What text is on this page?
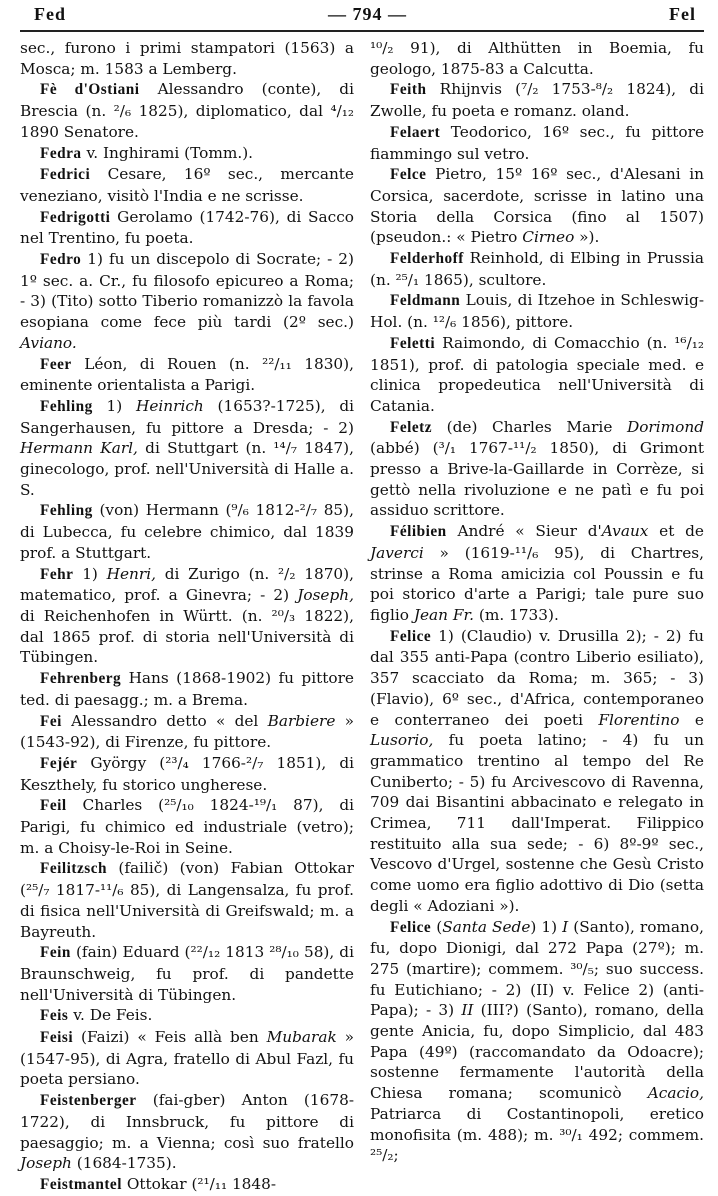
Fed	— 794 —	Fel

sec., furono i primi stampatori (1563) a Mosca; m. 1583 a Lemberg.

Fè d'Ostiani Alessandro (conte), di Brescia (n. ²/₆ 1825), diplomatico, dal ⁴/₁₂ 1890 Senatore.

Fedra v. Inghirami (Tomm.).

Fedrici Cesare, 16º sec., mercante veneziano, visitò l'India e ne scrisse.

Fedrigotti Gerolamo (1742-76), di Sacco nel Trentino, fu poeta.

Fedro 1) fu un discepolo di Socrate; - 2) 1º sec. a. Cr., fu filosofo epicureo a Roma; - 3) (Tito) sotto Tiberio romanizzò la favola esopiana come fece più tardi (2º sec.) Aviano.

Feer Léon, di Rouen (n. ²²/₁₁ 1830), eminente orientalista a Parigi.

Fehling 1) Heinrich (1653?-1725), di Sangerhausen, fu pittore a Dresda; - 2) Hermann Karl, di Stuttgart (n. ¹⁴/₇ 1847), ginecologo, prof. nell'Università di Halle a. S.

Fehling (von) Hermann (⁹/₆ 1812-²/₇ 85), di Lubecca, fu celebre chimico, dal 1839 prof. a Stuttgart.

Fehr 1) Henri, di Zurigo (n. ²/₂ 1870), matematico, prof. a Ginevra; - 2) Joseph, di Reichenhofen in Württ. (n. ²⁰/₃ 1822), dal 1865 prof. di storia nell'Università di Tübingen.

Fehrenberg Hans (1868-1902) fu pittore ted. di paesagg.; m. a Brema.

Fei Alessandro detto « del Barbiere » (1543-92), di Firenze, fu pittore.

Fejér György (²³/₄ 1766-²/₇ 1851), di Keszthely, fu storico ungherese.

Feil Charles (²⁵/₁₀ 1824-¹⁹/₁ 87), di Parigi, fu chimico ed industriale (vetro); m. a Choisy-le-Roi in Seine.

Feilitzsch (failič) (von) Fabian Ottokar (²⁵/₇ 1817-¹¹/₆ 85), di Langensalza, fu prof. di fisica nell'Università di Greifswald; m. a Bayreuth.

Fein (fain) Eduard (²²/₁₂ 1813 ²⁸/₁₀ 58), di Braunschweig, fu prof. di pandette nell'Università di Tübingen.

Feis v. De Feis.

Feisi (Faizi) « Feis allà ben Mubarak » (1547-95), di Agra, fratello di Abul Fazl, fu poeta persiano.

Feistenberger (fai-gber) Anton (1678-1722), di Innsbruck, fu pittore di paesaggio; m. a Vienna; così suo fratello Joseph (1684-1735).

Feistmantel Ottokar (²¹/₁₁ 1848-

¹⁰/₂ 91), di Althütten in Boemia, fu geologo, 1875-83 a Calcutta.

Feith Rhijnvis (⁷/₂ 1753-⁸/₂ 1824), di Zwolle, fu poeta e romanz. oland.

Felaert Teodorico, 16º sec., fu pittore fiammingo sul vetro.

Felce Pietro, 15º 16º sec., d'Alesani in Corsica, sacerdote, scrisse in latino una Storia della Corsica (fino al 1507) (pseudon.: « Pietro Cirneo »).

Felderhoff Reinhold, di Elbing in Prussia (n. ²⁵/₁ 1865), scultore.

Feldmann Louis, di Itzehoe in Schleswig-Hol. (n. ¹²/₆ 1856), pittore.

Feletti Raimondo, di Comacchio (n. ¹⁶/₁₂ 1851), prof. di patologia speciale med. e clinica propedeutica nell'Università di Catania.

Feletz (de) Charles Marie Dorimond (abbé) (³/₁ 1767-¹¹/₂ 1850), di Grimont presso a Brive-la-Gaillarde in Corrèze, si gettò nella rivoluzione e ne patì e fu poi assiduo scrittore.

Félibien André « Sieur d'Avaux et de Javerci » (1619-¹¹/₆ 95), di Chartres, strinse a Roma amicizia col Poussin e fu poi storico d'arte a Parigi; tale pure suo figlio Jean Fr. (m. 1733).

Felice 1) (Claudio) v. Drusilla 2); - 2) fu dal 355 anti-Papa (contro Liberio esiliato), 357 scacciato da Roma; m. 365; - 3) (Flavio), 6º sec., d'Africa, contemporaneo e conterraneo dei poeti Florentino e Lusorio, fu poeta latino; - 4) fu un grammatico trentino al tempo del Re Cuniberto; - 5) fu Arcivescovo di Ravenna, 709 dai Bisantini abbacinato e relegato in Crimea, 711 dall'Imperat. Filippico restituito alla sua sede; - 6) 8º-9º sec., Vescovo d'Urgel, sostenne che Gesù Cristo come uomo era figlio adottivo di Dio (setta degli « Adoziani »).

Felice (Santa Sede) 1) I (Santo), romano, fu, dopo Dionigi, dal 272 Papa (27º); m. 275 (martire); commem. ³⁰/₅; suo success. fu Eutichiano; - 2) (II) v. Felice 2) (anti-Papa); - 3) II (III?) (Santo), romano, della gente Anicia, fu, dopo Simplicio, dal 483 Papa (49º) (raccomandato da Odoacre); sostenne fermamente l'autorità della Chiesa romana; scomunicò Acacio, Patriarca di Costantinopoli, eretico monofisita (m. 488); m. ³⁰/₁ 492; commem. ²⁵/₂;
